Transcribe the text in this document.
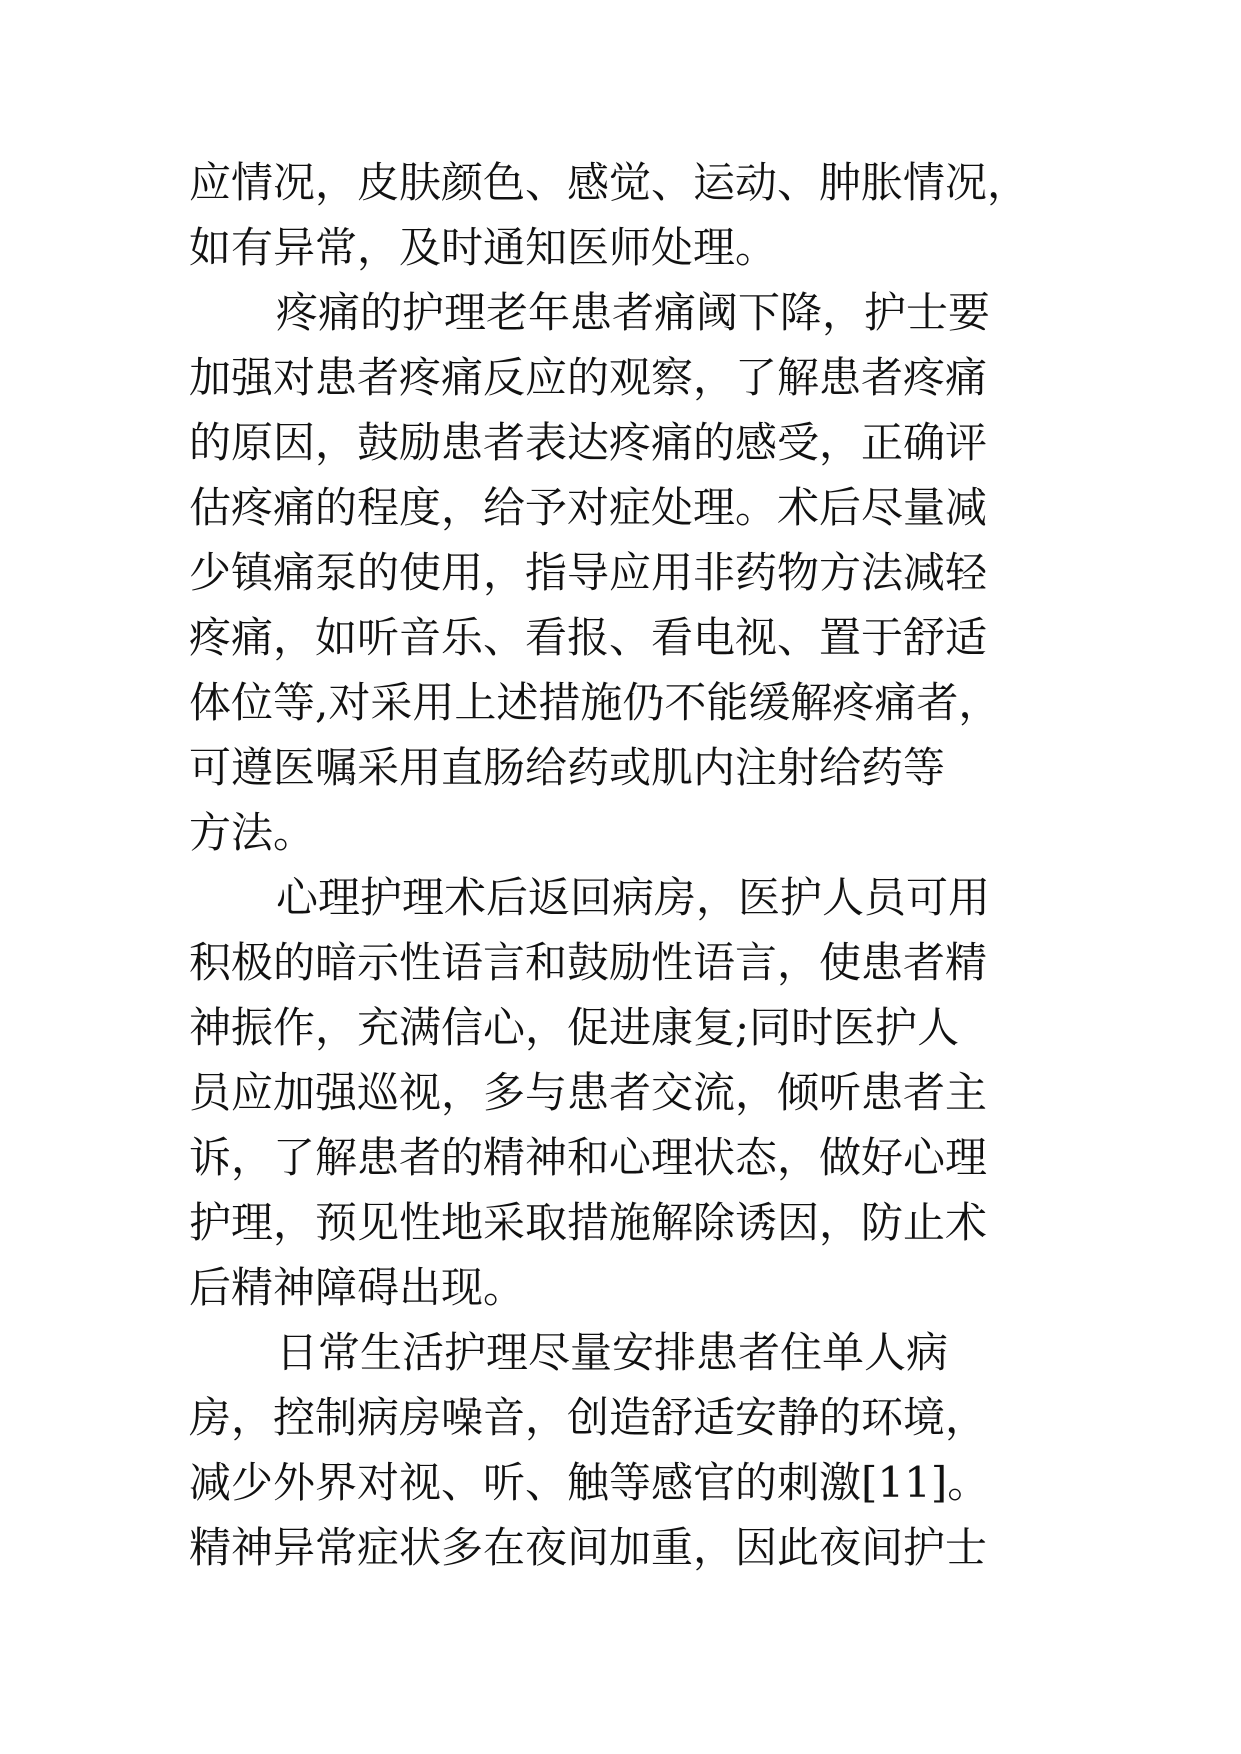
应情况，皮肤颜色、感觉、运动、肿胀情况，
如有异常，及时通知医师处理。
疼痛的护理老年患者痛阈下降，护士要
加强对患者疼痛反应的观察，了解患者疼痛
的原因，鼓励患者表达疼痛的感受，正确评
估疼痛的程度，给予对症处理。术后尽量减
少镇痛泵的使用，指导应用非药物方法减轻
疼痛，如听音乐、看报、看电视、置于舒适
体位等,对采用上述措施仍不能缓解疼痛者，
可遵医嘱采用直肠给药或肌内注射给药等
方法。
心理护理术后返回病房，医护人员可用
积极的暗示性语言和鼓励性语言，使患者精
神振作，充满信心，促进康复;同时医护人
员应加强巡视，多与患者交流，倾听患者主
诉，了解患者的精神和心理状态，做好心理
护理，预见性地采取措施解除诱因，防止术
后精神障碍出现。
日常生活护理尽量安排患者住单人病
房，控制病房噪音，创造舒适安静的环境，
减少外界对视、听、触等感官的刺激[11]。
精神异常症状多在夜间加重，因此夜间护士
